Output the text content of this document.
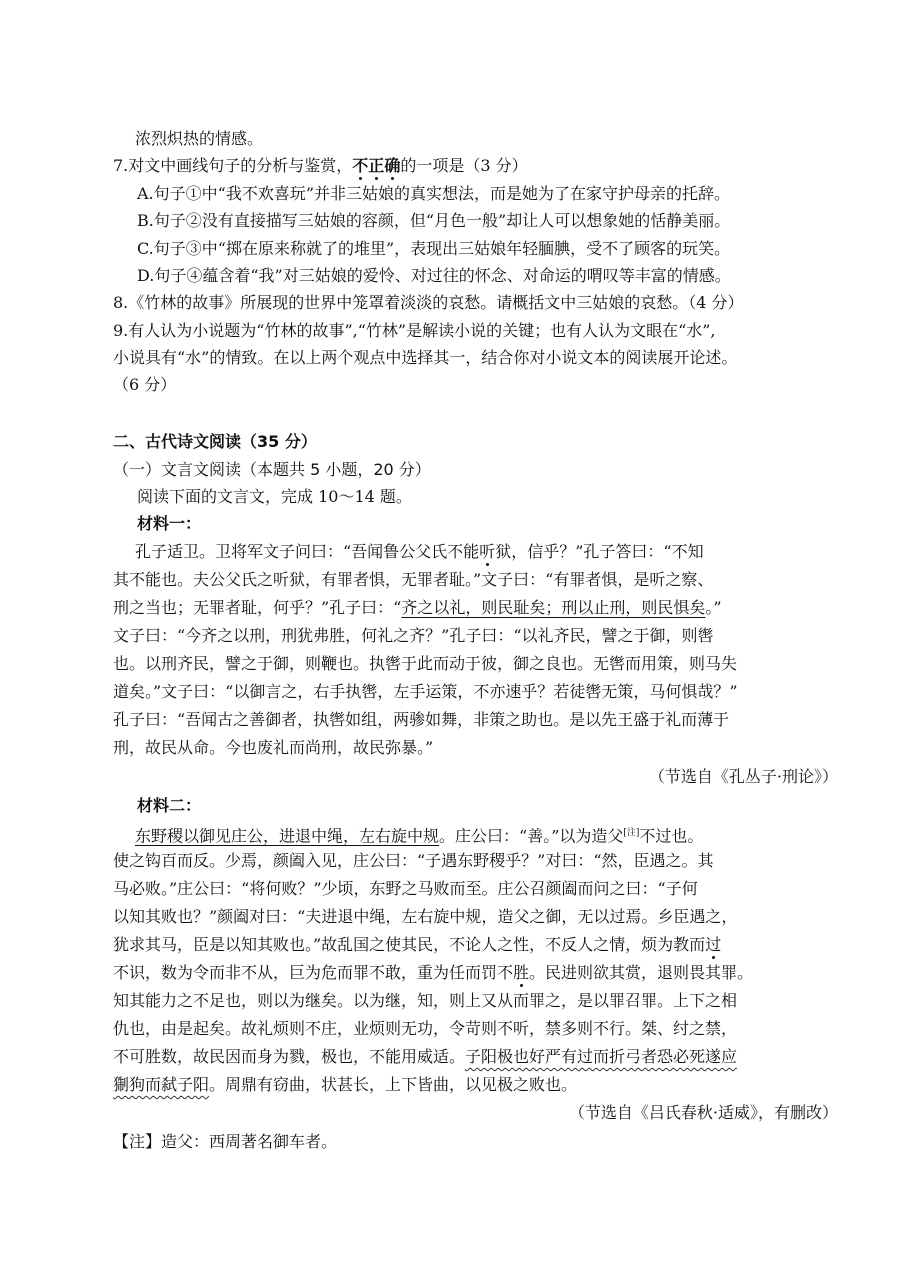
浓烈炽热的情感。
7.对文中画线句子的分析与鉴赏，不正确的一项是（3 分）
A.句子①中“我不欢喜玩”并非三姑娘的真实想法，而是她为了在家守护母亲的托辞。
B.句子②没有直接描写三姑娘的容颜，但“月色一般”却让人可以想象她的恬静美丽。
C.句子③中“掷在原来称就了的堆里”，表现出三姑娘年轻腼腆，受不了顾客的玩笑。
D.句子④蕴含着“我”对三姑娘的爱怜、对过往的怀念、对命运的喟叹等丰富的情感。
8.《竹林的故事》所展现的世界中笼罩着淡淡的哀愁。请概括文中三姑娘的哀愁。（4 分）
9.有人认为小说题为“竹林的故事”,“竹林”是解读小说的关键；也有人认为文眼在“水”,
小说具有“水”的情致。在以上两个观点中选择其一，结合你对小说文本的阅读展开论述。
（6 分）
二、古代诗文阅读（35 分）
（一）文言文阅读（本题共 5 小题，20 分）
阅读下面的文言文，完成 10～14 题。
材料一：
孔子适卫。卫将军文子问曰：“吾闻鲁公父氏不能听狱，信乎？”孔子答曰：“不知
其不能也。夫公父氏之听狱，有罪者惧，无罪者耻。”文子曰：“有罪者惧，是听之察、
刑之当也；无罪者耻，何乎？”孔子曰：“齐之以礼，则民耻矣；刑以止刑，则民惧矣。”
文子曰：“今齐之以刑，刑犹弗胜，何礼之齐？”孔子曰：“以礼齐民，譬之于御，则辔
也。以刑齐民，譬之于御，则鞭也。执辔于此而动于彼，御之良也。无辔而用策，则马失
道矣。”文子曰：“以御言之，右手执辔，左手运策，不亦速乎？若徒辔无策，马何惧哉？”
孔子曰：“吾闻古之善御者，执辔如组，两骖如舞，非策之助也。是以先王盛于礼而薄于
刑，故民从命。今也废礼而尚刑，故民弥暴。”
（节选自《孔丛子·刑论》）
材料二：
东野稷以御见庄公，进退中绳，左右旋中规。庄公曰：“善。”以为造父[注]不过也。
使之钩百而反。少焉，颜阖入见，庄公曰：“子遇东野稷乎？”对曰：“然，臣遇之。其
马必败。”庄公曰：“将何败？”少顷，东野之马败而至。庄公召颜阖而问之曰：“子何
以知其败也？”颜阖对曰：“夫进退中绳，左右旋中规，造父之御，无以过焉。乡臣遇之，
犹求其马，臣是以知其败也。”故乱国之使其民，不论人之性，不反人之情，烦为教而过
不识，数为令而非不从，巨为危而罪不敢，重为任而罚不胜。民进则欲其赏，退则畏其罪。
知其能力之不足也，则以为继矣。以为继，知，则上又从而罪之，是以罪召罪。上下之相
仇也，由是起矣。故礼烦则不庄，业烦则无功，令苛则不听，禁多则不行。桀、纣之禁，
不可胜数，故民因而身为戮，极也，不能用威适。子阳极也好严有过而折弓者恐必死遂应
猘狗而弑子阳。周鼎有窃曲，状甚长，上下皆曲，以见极之败也。
（节选自《吕氏春秋·适威》，有删改）
【注】造父：西周著名御车者。
